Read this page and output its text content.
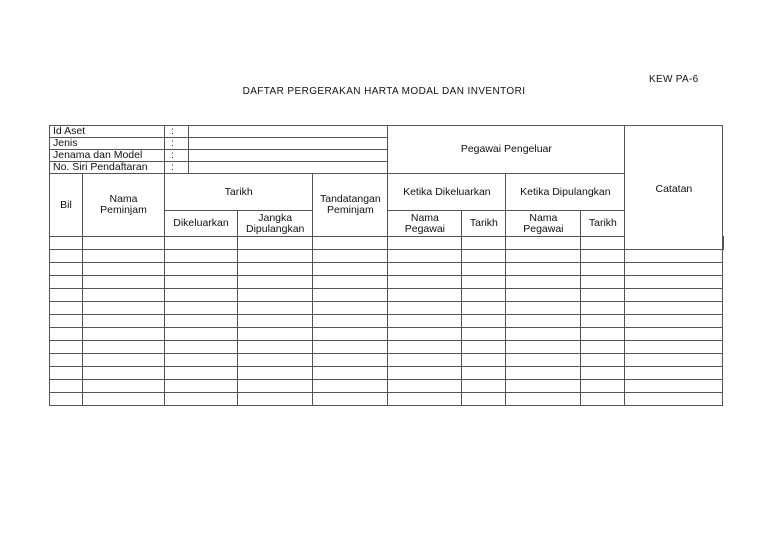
KEW PA-6
DAFTAR PERGERAKAN HARTA MODAL DAN INVENTORI
Id Aset		:				Pegawai Pengeluar				Catatan	
Jenis		:									
Jenama dan Model		:									
No. Siri Pendaftaran		:									
Bil	Nama Peminjam	Tarikh			Tandatangan Peminjam	Ketika Dikeluarkan		Ketika Dipulangkan			
		Dikeluarkan		Jangka Dipulangkan		Nama Pegawai	Tarikh	Nama Pegawai	Tarikh		
